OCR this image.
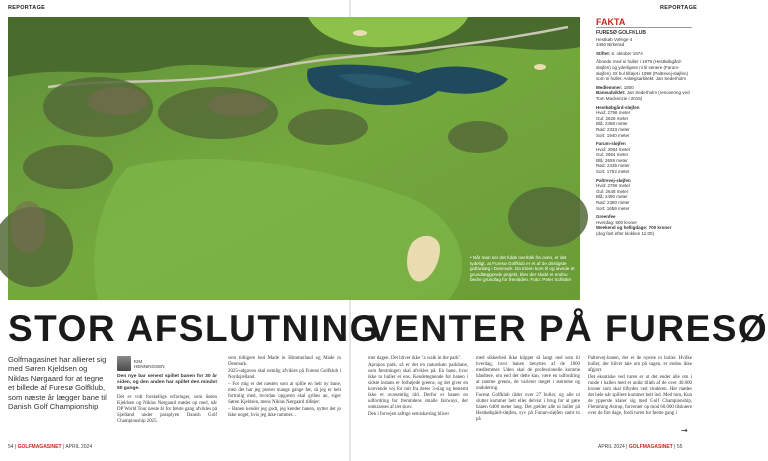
REPORTAGE	REPORTAGE
• Når man ser det fulde overblik fra oven, er det tydeligt, at Furesø Golfklub er et af de dristigste golfanlæg i Danmark. Da trioen kom til og lavede et grundlæggende projekt, blev der skabt et endnu bedre grundlag for fremtiden. Foto: Peter Schlüter
FAKTA
FURESØ GOLFKLUB
Hestkøb Vænge 4

3460 Birkerød

Stiftet: 6. oktober 1974

Åbnede med ni huller i 1979 (Hestkøbgård-sløjfen) og yderligere ni til senere (Farum-sløjfen). Et hul tilføjet i 1998 (Paltrevej-sløjfen) som ni huller. Anlægsarkitekt: Jan Sederholm

Medlemmer: 1800

Baneudviklet: Jan Sederholm (renovering ved Tom Mackenzie i 2015)

Hestkøbgård-sløjfen
Hvid: 2796 meter
Gul: 2626 meter
Blå: 2468 meter
Rød: 2333 meter
Sort: 1940 meter

Farum-sløjfen
Hvid: 3084 meter
Gul: 2864 meter
Blå: 2659 meter
Rød: 2435 meter
Sort: 1753 meter

Paltrevej-sløjfen
Hvid: 2756 meter
Gul: 2648 meter
Blå: 2490 meter
Rød: 2380 meter
Sort: 1659 meter

Greenfee
Hverdag: 600 kroner
Weekend og helligdage: 700 kroner
(dog fast efter klokken 11:00)
STOR AFSLUTNING
VENTER PÅ FURESØ
Golfmagasinet har allieret sig med Søren Kjeldsen og Niklas Nørgaard for at tegne et billede af Furesø Golfklub, som næste år lægger bane til Danish Golf Championship
KIM
HENNINGSEN
Den nye bar senest spillet banen for 30 år siden, og den anden har spillet den mindst 50 gange.

Det er vidt forskellige erfaringer, som Søren Kjeldsen og Niklas Nørgaard møder op med, når DP World Tour næste år for første gang afvikles på Sjælland under paraplyen Danish Golf Championship 2025.

som tidligere hed Made in Himmerland og Made in Denmark.

2025-udgaven skal nemlig afvikles på Furesø Golfklub i Nordsjælland.

– For mig er det næsten som at spille en helt ny bane, men det har jeg prøvet mange gange før, så jeg er helt fortrolig med, hvordan opgaven skal gribes an, siger Søren Kjeldsen, mens Niklas Nørgaard tilføjer:

– Banen kender jeg godt, jeg kender banen, nytter det jo ikke noget, hvis jeg ikke rammer...

mer dagen. Det bliver ikke "a walk in the park".

Apropos park, så er det en naturskøn parkbane, som førstningen skal afvikles på. En bane, hvor ikke to huller er ens. Kendetegnende for banen i sidste instans er forhøjede greens, og det giver en krævende vej for mit fra deres 3-slag og bestemt ikke et uvæsentlig råd. Derfor er banen en udfordring for fremtidens smalle fairways, der omkranses af tæt skov.

Den i forvejen saftige semiskæring bliver

med sikkerhed ikke klippet så langt ned som til hverdag, hvor banen benyttes af de 1800 medlemmer. Uden skal de professionelle komme håndtere, om end det dette kan, være en udfordring at ramme greens, de varierer meget i størrelse og ondulering.

Furesø Golfklub råder over 27 huller, og alle ni slutter kommer helt eller delvist i brug for at gøre banen 6400 meter lang. Det gælder alle ni huller på Hestkøbgård-sløjfen, syv på Farum-sløjfen samt to på

Paltrevej-banen, der er de nyeste ni huller. Hvilke huller, der bliver tale om på sagen, er endnu ikke afgjort.

Det eksotiske ved turen er at det ender alle om i runde i hallen med et unikt tilløb af de over 40.000 kroner som skal tilbydes ved vinderen. Her mødes det hele når spillere kommer helt ind. Med tom, Kun de ypperste klarer sig med Golf Championship, Flemming Astrup, forventer op mod 60.000 tilskuere over de fire dage, fordi turen for første gang i

→
54 | GOLFMAGASINET | APRIL 2024	APRIL 2024 | GOLFMAGASINET | 55
